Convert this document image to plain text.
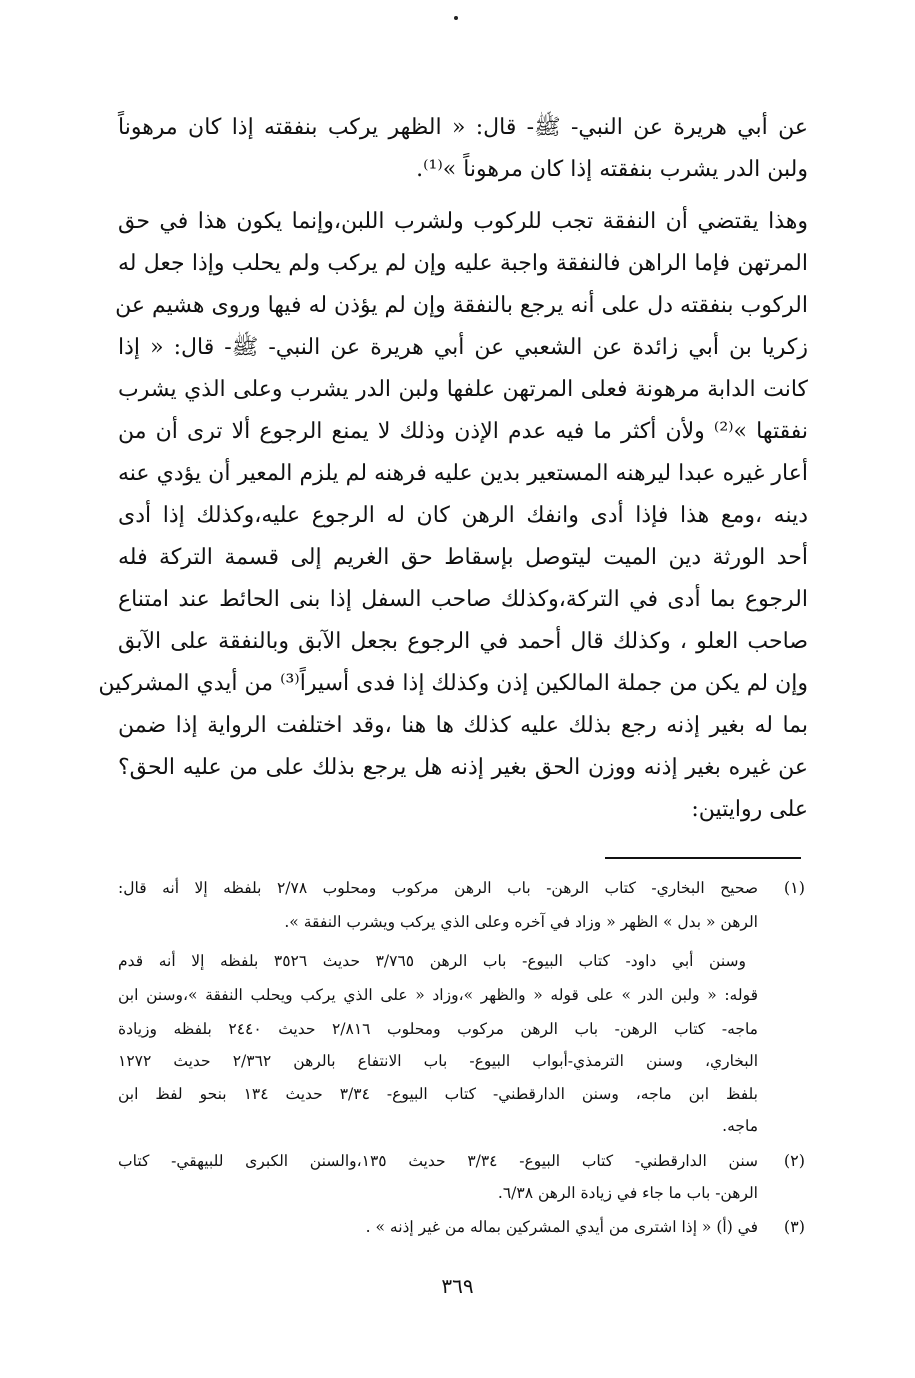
عن أبي هريرة عن النبي- ﷺ- قال: « الظهر يركب بنفقته إذا كان مرهوناً
ولبن الدر يشرب بنفقته إذا كان مرهوناً »⁽¹⁾.
وهذا يقتضي أن النفقة تجب للركوب ولشرب اللبن،وإنما يكون هذا في حق
المرتهن فإما الراهن فالنفقة واجبة عليه وإن لم يركب ولم يحلب وإذا جعل له
الركوب بنفقته دل على أنه يرجع بالنفقة وإن لم يؤذن له فيها وروى هشيم عن
زكريا بن أبي زائدة عن الشعبي عن أبي هريرة عن النبي- ﷺ- قال: « إذا
كانت الدابة مرهونة فعلى المرتهن علفها ولبن الدر يشرب وعلى الذي يشرب
نفقتها »⁽²⁾ ولأن أكثر ما فيه عدم الإذن وذلك لا يمنع الرجوع ألا ترى أن من
أعار غيره عبدا ليرهنه المستعير بدين عليه فرهنه لم يلزم المعير أن يؤدي عنه
دينه ،ومع هذا فإذا أدى وانفك الرهن كان له الرجوع عليه،وكذلك إذا أدى
أحد الورثة دين الميت ليتوصل بإسقاط حق الغريم إلى قسمة التركة فله
الرجوع بما أدى في التركة،وكذلك صاحب السفل إذا بنى الحائط عند امتناع
صاحب العلو ، وكذلك قال أحمد في الرجوع بجعل الآبق وبالنفقة على الآبق
وإن لم يكن من جملة المالكين إذن وكذلك إذا فدى أسيراً⁽³⁾ من أيدي المشركين
بما له بغير إذنه رجع بذلك عليه كذلك ها هنا ،وقد اختلفت الرواية إذا ضمن
عن غيره بغير إذنه ووزن الحق بغير إذنه هل يرجع بذلك على من عليه الحق؟
على روايتين:
(١)
صحيح البخاري- كتاب الرهن- باب الرهن مركوب ومحلوب ٢/٧٨ بلفظه إلا أنه قال:
الرهن « بدل » الظهر « وزاد في آخره وعلى الذي يركب ويشرب النفقة ».
وسنن أبي داود- كتاب البيوع- باب الرهن ٣/٧٦٥ حديث ٣٥٢٦ بلفظه إلا أنه قدم
قوله: « ولبن الدر » على قوله « والظهر »،وزاد « على الذي يركب ويحلب النفقة »،وسنن ابن
ماجه- كتاب الرهن- باب الرهن مركوب ومحلوب ٢/٨١٦ حديث ٢٤٤٠ بلفظه وزيادة
البخاري، وسنن الترمذي-أبواب البيوع- باب الانتفاع بالرهن ٢/٣٦٢ حديث ١٢٧٢
بلفظ ابن ماجه، وسنن الدارقطني- كتاب البيوع- ٣/٣٤ حديث ١٣٤ بنحو لفظ ابن
ماجه.
(٢)
سنن الدارقطني- كتاب البيوع- ٣/٣٤ حديث ١٣٥،والسنن الكبرى للبيهقي- كتاب
الرهن- باب ما جاء في زيادة الرهن ٦/٣٨.
(٣)
في (أ) « إذا اشترى من أيدي المشركين بماله من غير إذنه » .
٣٦٩
